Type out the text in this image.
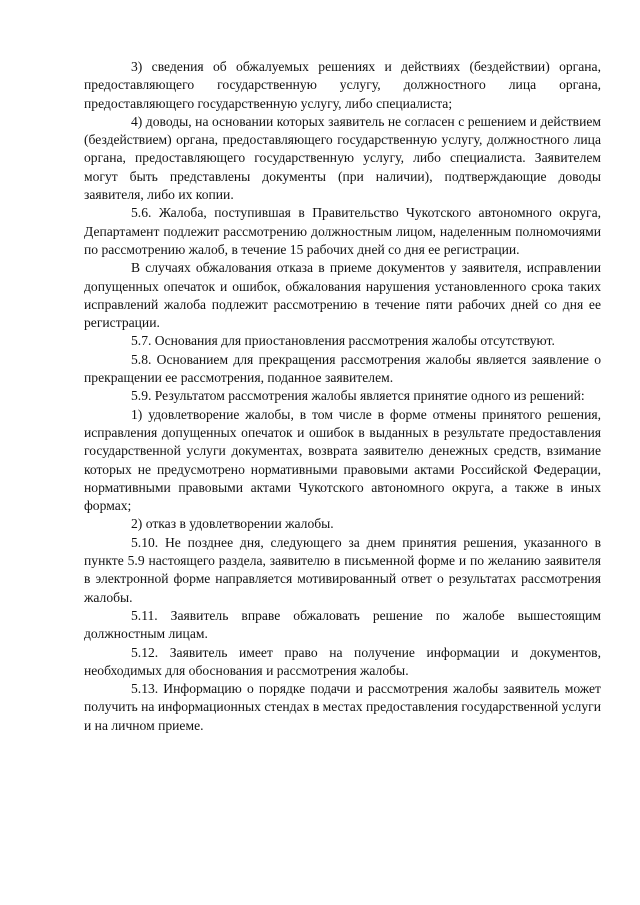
3) сведения об обжалуемых решениях и действиях (бездействии) органа, предоставляющего государственную услугу, должностного лица органа, предоставляющего государственную услугу, либо специалиста;

4) доводы, на основании которых заявитель не согласен с решением и действием (бездействием) органа, предоставляющего государственную услугу, должностного лица органа, предоставляющего государственную услугу, либо специалиста. Заявителем могут быть представлены документы (при наличии), подтверждающие доводы заявителя, либо их копии.

5.6. Жалоба, поступившая в Правительство Чукотского автономного округа, Департамент подлежит рассмотрению должностным лицом, наделенным полномочиями по рассмотрению жалоб, в течение 15 рабочих дней со дня ее регистрации.

В случаях обжалования отказа в приеме документов у заявителя, исправлении допущенных опечаток и ошибок, обжалования нарушения установленного срока таких исправлений жалоба подлежит рассмотрению в течение пяти рабочих дней со дня ее регистрации.

5.7. Основания для приостановления рассмотрения жалобы отсутствуют.

5.8. Основанием для прекращения рассмотрения жалобы является заявление о прекращении ее рассмотрения, поданное заявителем.

5.9. Результатом рассмотрения жалобы является принятие одного из решений:

1) удовлетворение жалобы, в том числе в форме отмены принятого решения, исправления допущенных опечаток и ошибок в выданных в результате предоставления государственной услуги документах, возврата заявителю денежных средств, взимание которых не предусмотрено нормативными правовыми актами Российской Федерации, нормативными правовыми актами Чукотского автономного округа, а также в иных формах;

2) отказ в удовлетворении жалобы.

5.10. Не позднее дня, следующего за днем принятия решения, указанного в пункте 5.9 настоящего раздела, заявителю в письменной форме и по желанию заявителя в электронной форме направляется мотивированный ответ о результатах рассмотрения жалобы.

5.11. Заявитель вправе обжаловать решение по жалобе вышестоящим должностным лицам.

5.12. Заявитель имеет право на получение информации и документов, необходимых для обоснования и рассмотрения жалобы.

5.13. Информацию о порядке подачи и рассмотрения жалобы заявитель может получить на информационных стендах в местах предоставления государственной услуги и на личном приеме.
